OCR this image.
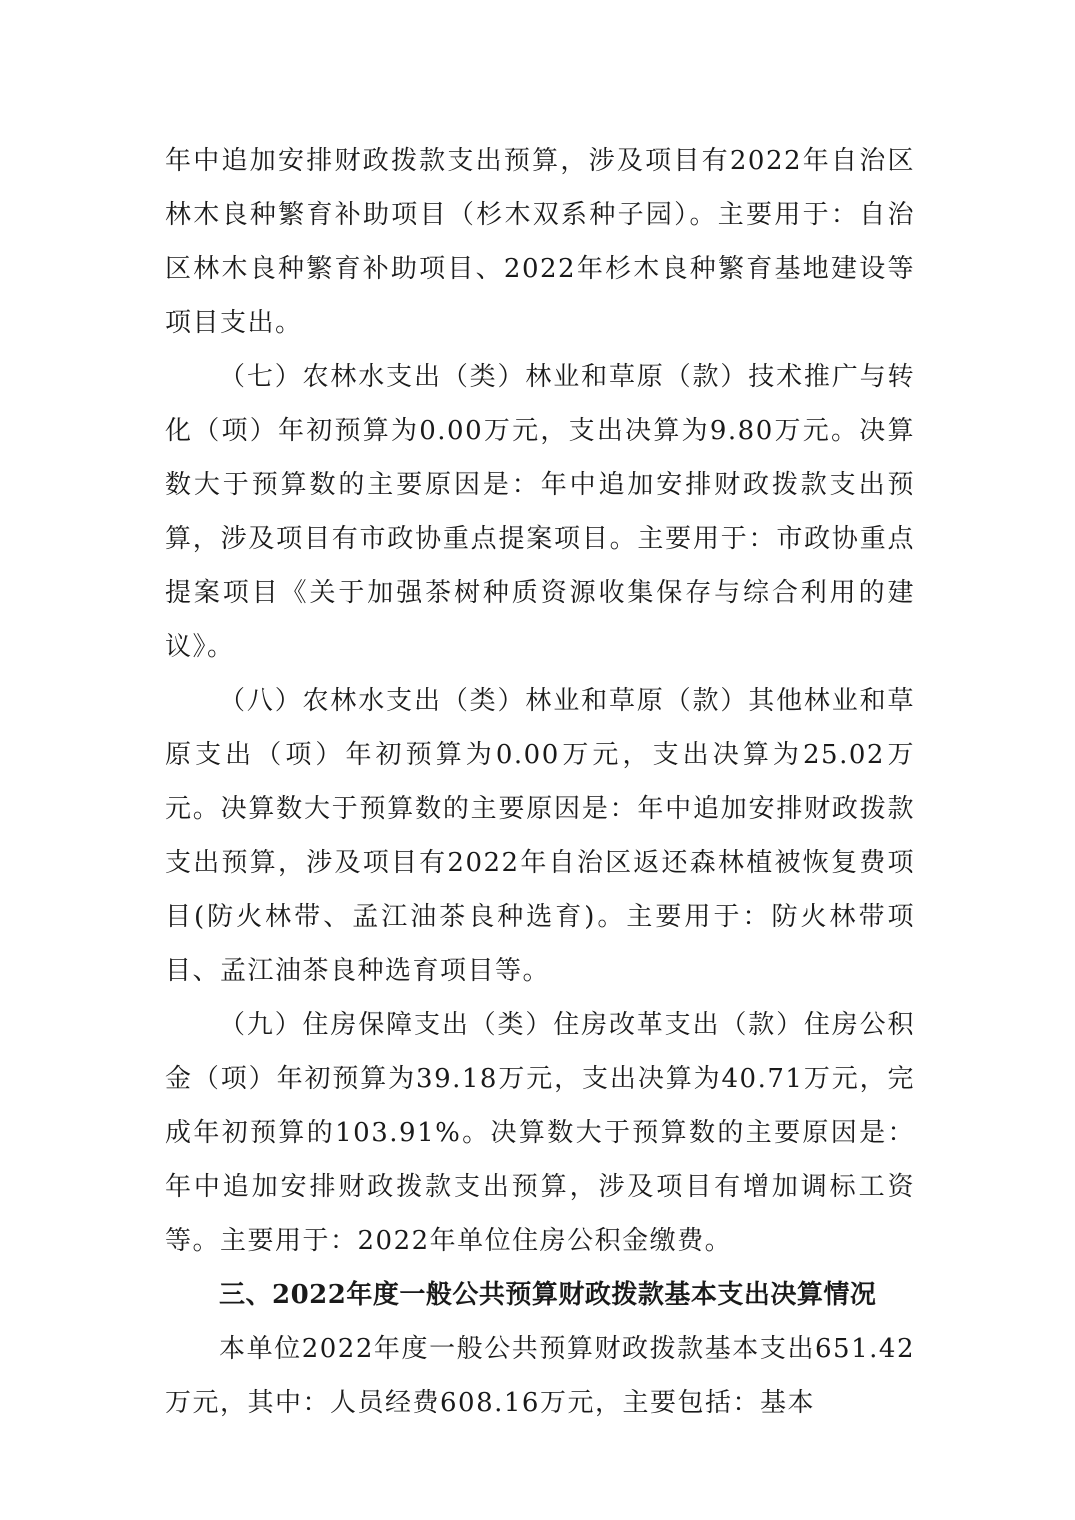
年中追加安排财政拨款支出预算，涉及项目有2022年自治区林木良种繁育补助项目（杉木双系种子园）。主要用于：自治区林木良种繁育补助项目、2022年杉木良种繁育基地建设等项目支出。

（七）农林水支出（类）林业和草原（款）技术推广与转化（项）年初预算为0.00万元，支出决算为9.80万元。决算数大于预算数的主要原因是：年中追加安排财政拨款支出预算，涉及项目有市政协重点提案项目。主要用于：市政协重点提案项目《关于加强茶树种质资源收集保存与综合利用的建议》。

（八）农林水支出（类）林业和草原（款）其他林业和草原支出（项）年初预算为0.00万元，支出决算为25.02万元。决算数大于预算数的主要原因是：年中追加安排财政拨款支出预算，涉及项目有2022年自治区返还森林植被恢复费项目(防火林带、孟江油茶良种选育)。主要用于：防火林带项目、孟江油茶良种选育项目等。

（九）住房保障支出（类）住房改革支出（款）住房公积金（项）年初预算为39.18万元，支出决算为40.71万元，完成年初预算的103.91%。决算数大于预算数的主要原因是：年中追加安排财政拨款支出预算，涉及项目有增加调标工资等。主要用于：2022年单位住房公积金缴费。

三、2022年度一般公共预算财政拨款基本支出决算情况

本单位2022年度一般公共预算财政拨款基本支出651.42万元，其中：人员经费608.16万元，主要包括：基本
